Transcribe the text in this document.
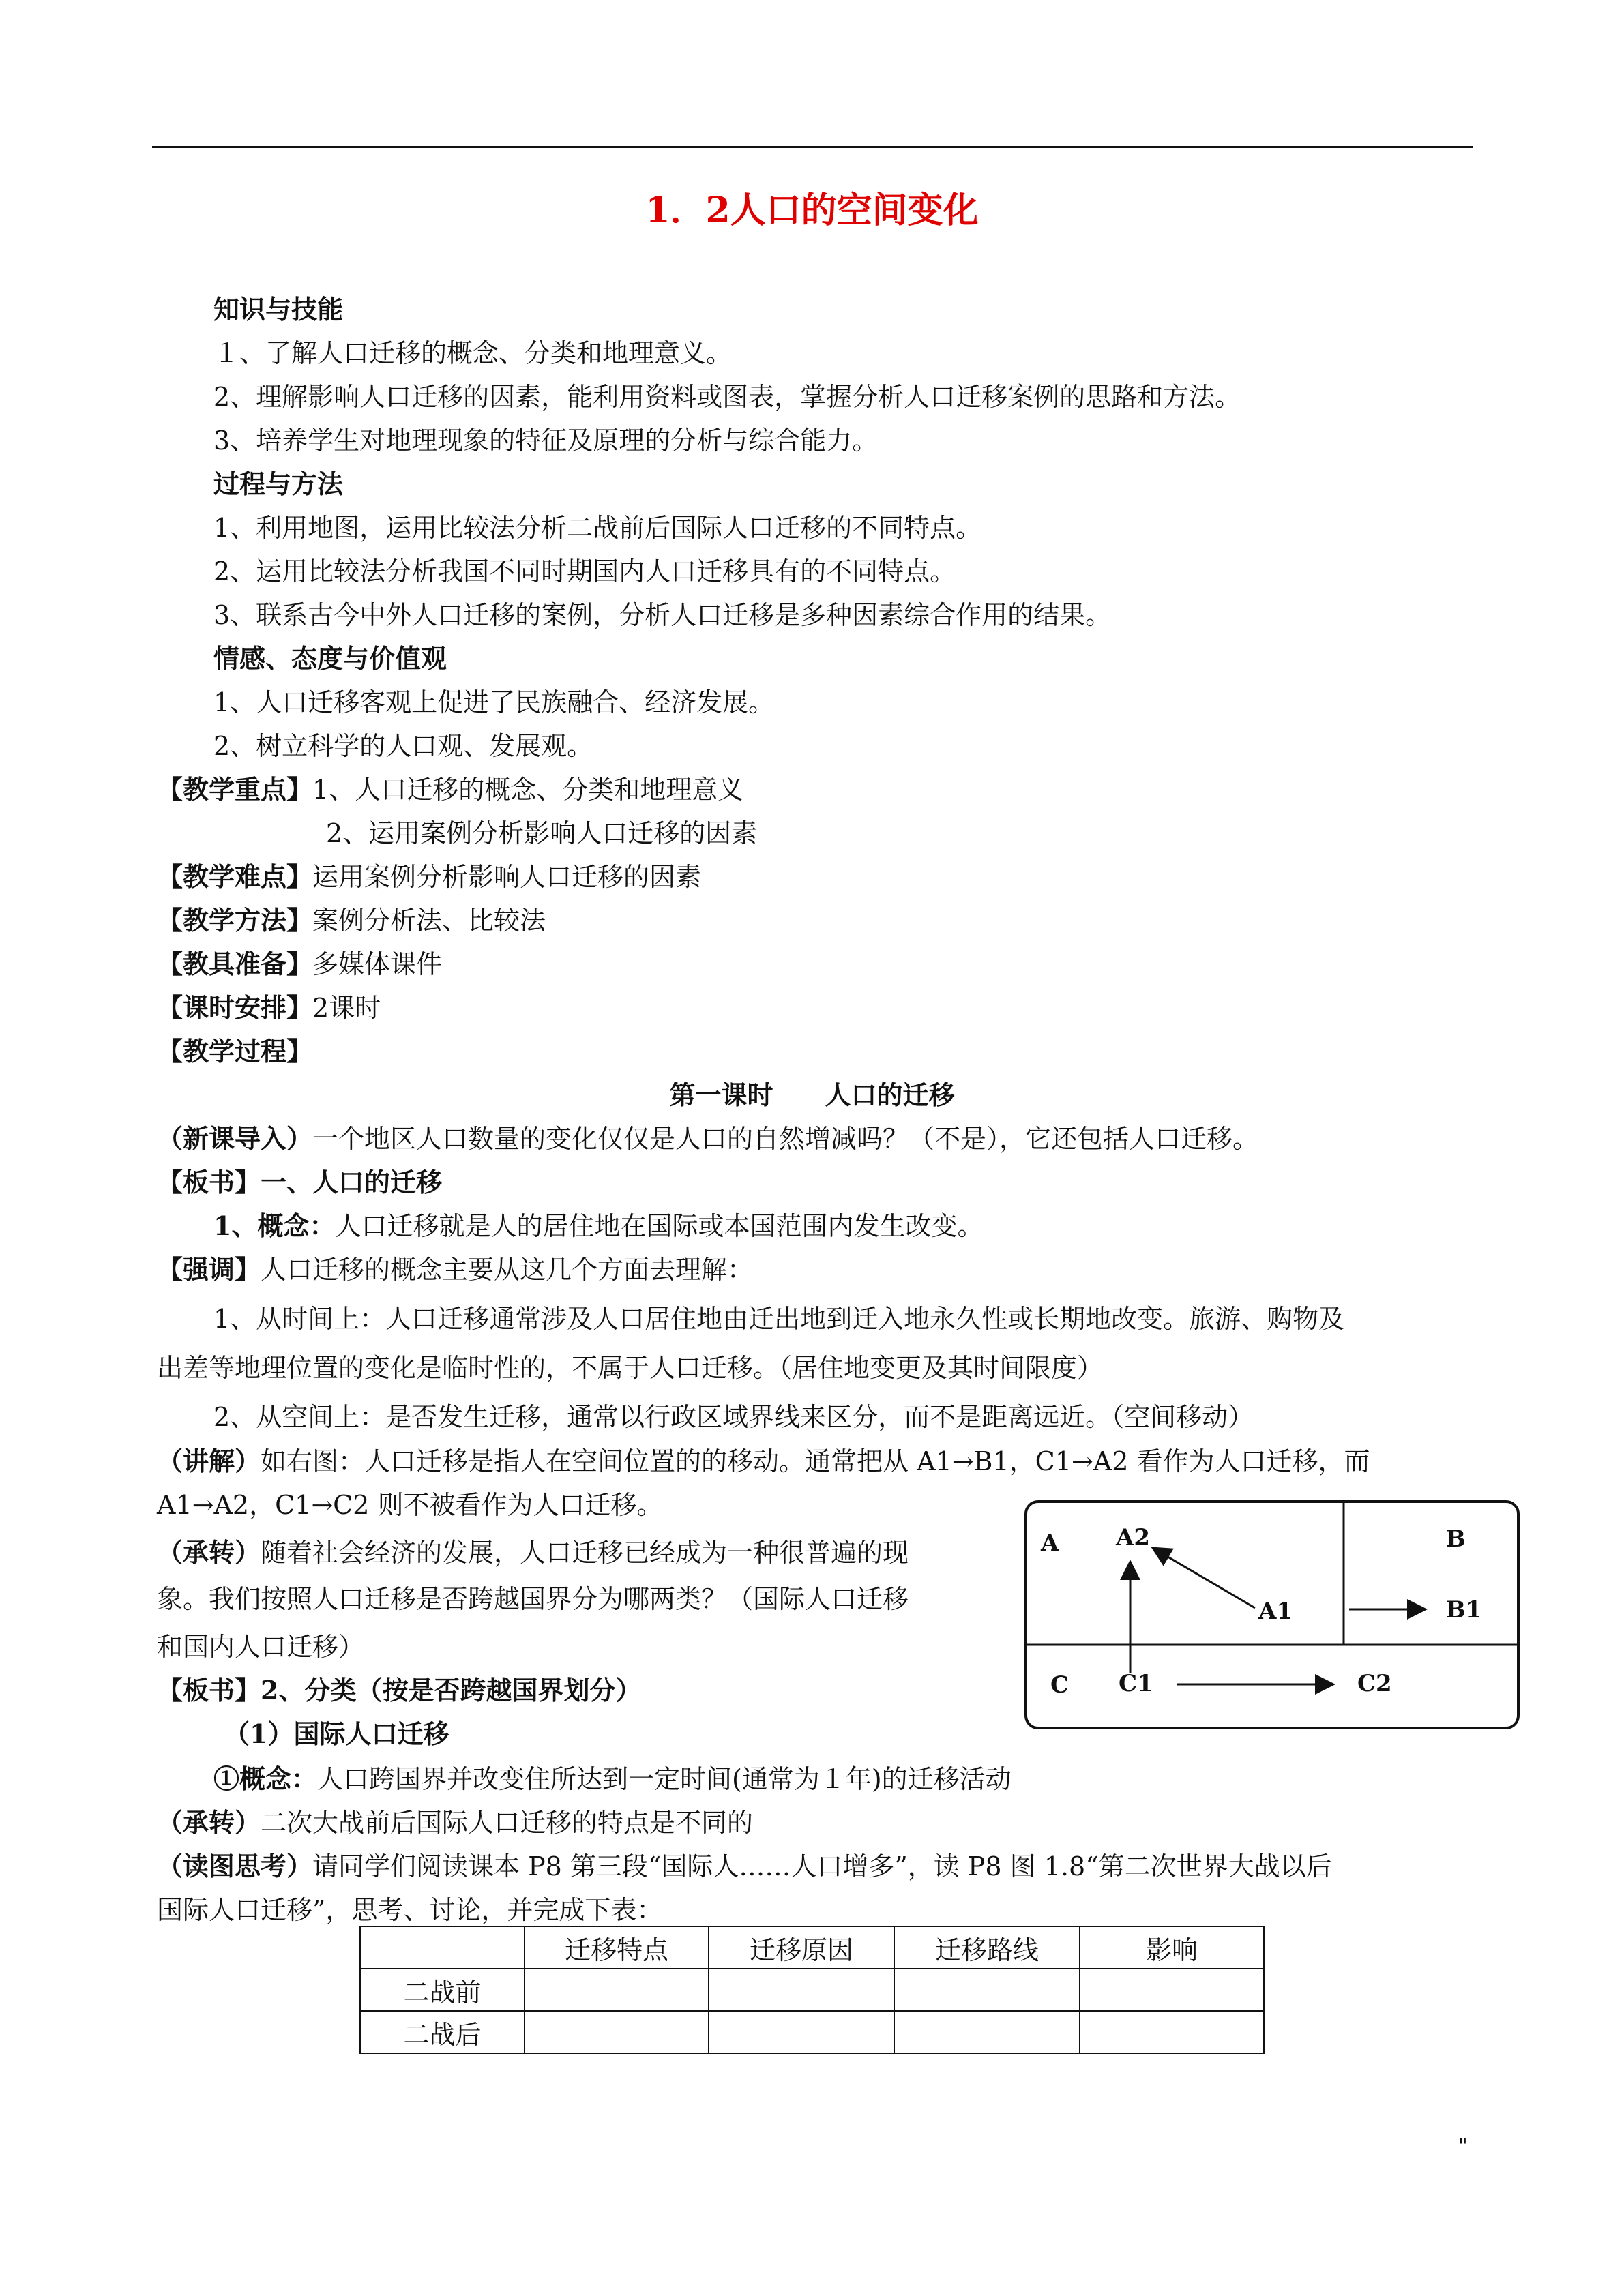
1．2人口的空间变化
知识与技能
１、了解人口迁移的概念、分类和地理意义。
2、理解影响人口迁移的因素，能利用资料或图表，掌握分析人口迁移案例的思路和方法。
3、培养学生对地理现象的特征及原理的分析与综合能力。
过程与方法
1、利用地图，运用比较法分析二战前后国际人口迁移的不同特点。
2、运用比较法分析我国不同时期国内人口迁移具有的不同特点。
3、联系古今中外人口迁移的案例，分析人口迁移是多种因素综合作用的结果。
情感、态度与价值观
1、人口迁移客观上促进了民族融合、经济发展。
2、树立科学的人口观、发展观。
【教学重点】1、人口迁移的概念、分类和地理意义
2、运用案例分析影响人口迁移的因素
【教学难点】运用案例分析影响人口迁移的因素
【教学方法】案例分析法、比较法
【教具准备】多媒体课件
【课时安排】2课时
【教学过程】
第一课时　　人口的迁移
（新课导入）一个地区人口数量的变化仅仅是人口的自然增减吗？（不是），它还包括人口迁移。
【板书】一、人口的迁移
1、概念：人口迁移就是人的居住地在国际或本国范围内发生改变。
【强调】人口迁移的概念主要从这几个方面去理解：
1、从时间上：人口迁移通常涉及人口居住地由迁出地到迁入地永久性或长期地改变。旅游、购物及
出差等地理位置的变化是临时性的，不属于人口迁移。（居住地变更及其时间限度）
2、从空间上：是否发生迁移，通常以行政区域界线来区分，而不是距离远近。（空间移动）
（讲解）如右图：人口迁移是指人在空间位置的的移动。通常把从 A1→B1，C1→A2 看作为人口迁移，而
A1→A2，C1→C2 则不被看作为人口迁移。
（承转）随着社会经济的发展，人口迁移已经成为一种很普遍的现
象。我们按照人口迁移是否跨越国界分为哪两类？（国际人口迁移
和国内人口迁移）
【板书】2、分类（按是否跨越国界划分）
（1）国际人口迁移
①概念：人口跨国界并改变住所达到一定时间(通常为１年)的迁移活动
（承转）二次大战前后国际人口迁移的特点是不同的
（读图思考）请同学们阅读课本 P8 第三段“国际人……人口增多”，读 P8 图 1.8“第二次世界大战以后
国际人口迁移”，思考、讨论，并完成下表：
A A2
A1
B
B1
C C1	C2
	迁移特点	迁移原因	迁移路线	影响
二战前				
二战后				
"
